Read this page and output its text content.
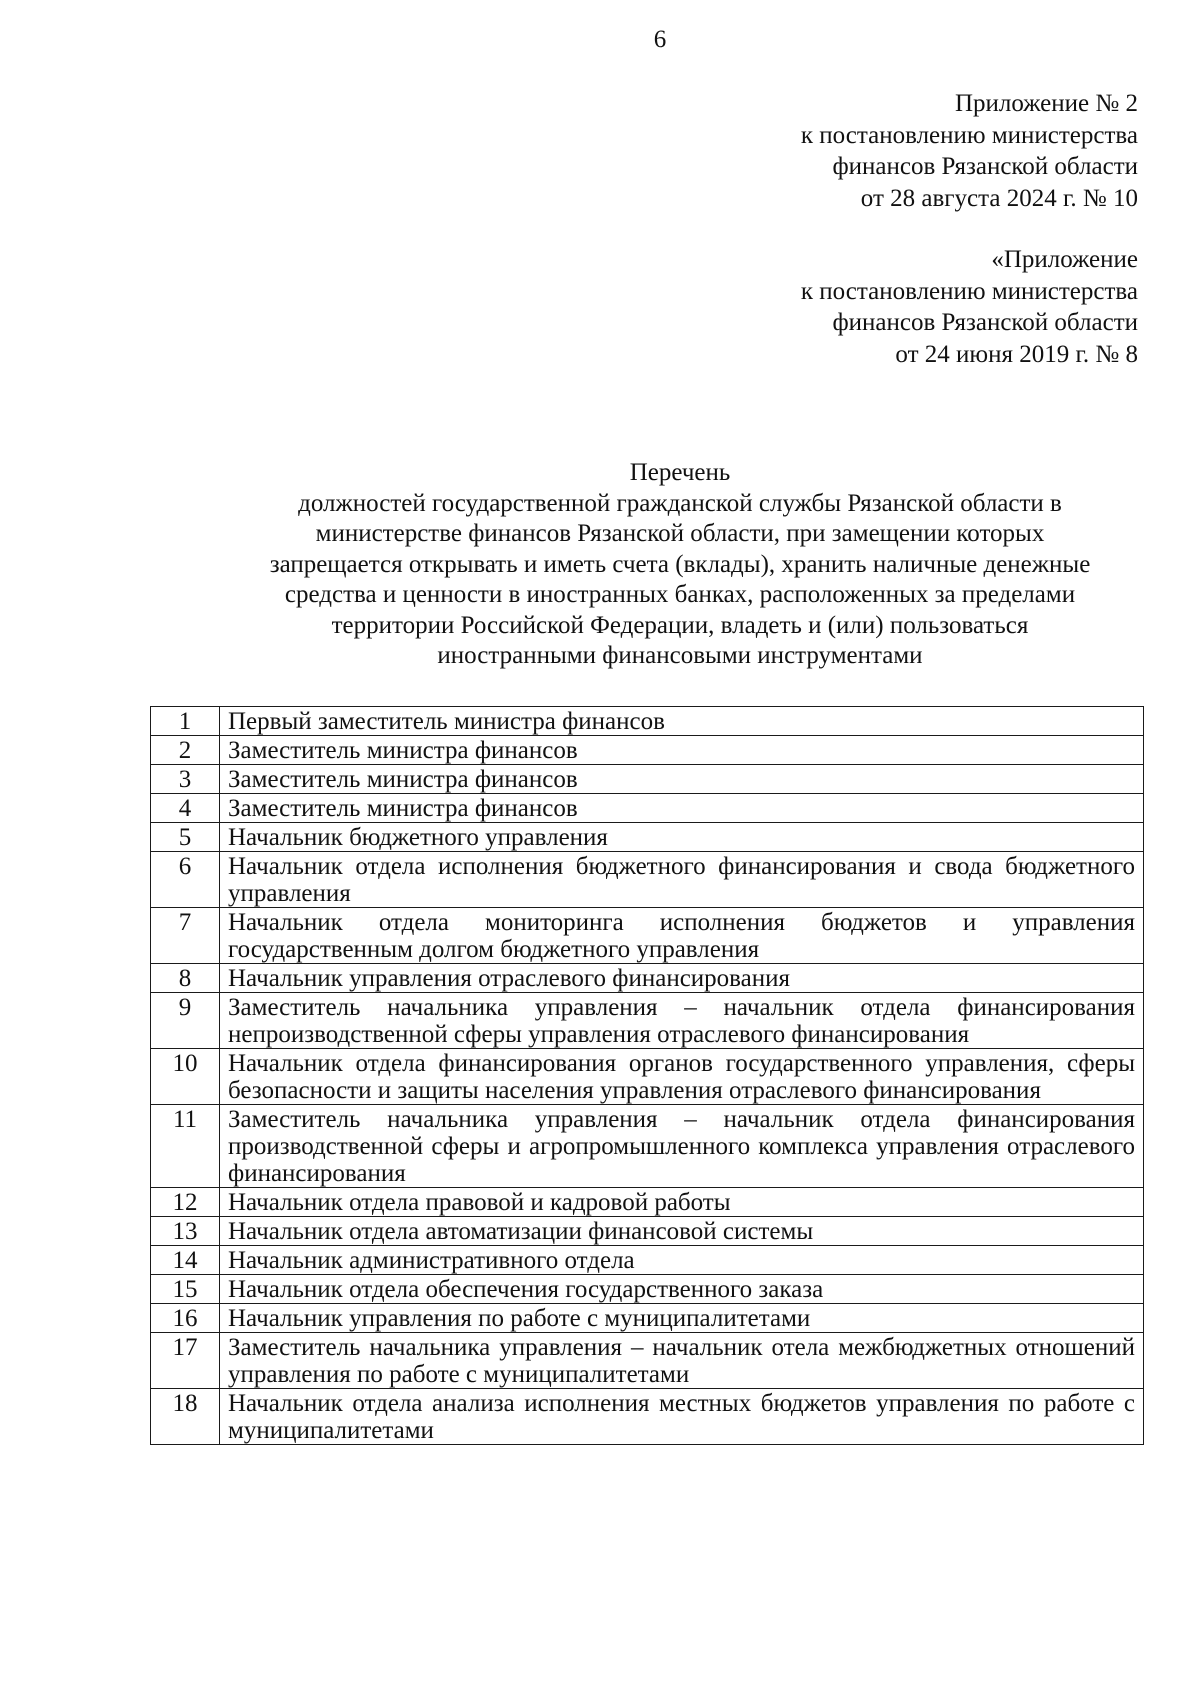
6
Приложение № 2
к постановлению министерства
финансов Рязанской области
от 28 августа 2024 г. № 10
«Приложение
к постановлению министерства
финансов Рязанской области
от 24 июня 2019 г. № 8
Перечень
должностей государственной гражданской службы Рязанской области в
министерстве финансов Рязанской области, при замещении которых
запрещается открывать и иметь счета (вклады), хранить наличные денежные
средства и ценности в иностранных банках, расположенных за пределами
территории Российской Федерации, владеть и (или) пользоваться
иностранными финансовыми инструментами
1	Первый заместитель министра финансов
2	Заместитель министра финансов
3	Заместитель министра финансов
4	Заместитель министра финансов
5	Начальник бюджетного управления
6	Начальник отдела исполнения бюджетного финансирования и свода бюджетного управления
7	Начальник отдела мониторинга исполнения бюджетов и управления государственным долгом бюджетного управления
8	Начальник управления отраслевого финансирования
9	Заместитель начальника управления – начальник отдела финансирования непроизводственной сферы управления отраслевого финансирования
10	Начальник отдела финансирования органов государственного управления, сферы безопасности и защиты населения управления отраслевого финансирования
11	Заместитель начальника управления – начальник отдела финансирования производственной сферы и агропромышленного комплекса управления отраслевого финансирования
12	Начальник отдела правовой и кадровой работы
13	Начальник отдела автоматизации финансовой системы
14	Начальник административного отдела
15	Начальник отдела обеспечения государственного заказа
16	Начальник управления по работе с муниципалитетами
17	Заместитель начальника управления – начальник отела межбюджетных отношений управления по работе с муниципалитетами
18	Начальник отдела анализа исполнения местных бюджетов управления по работе с муниципалитетами
